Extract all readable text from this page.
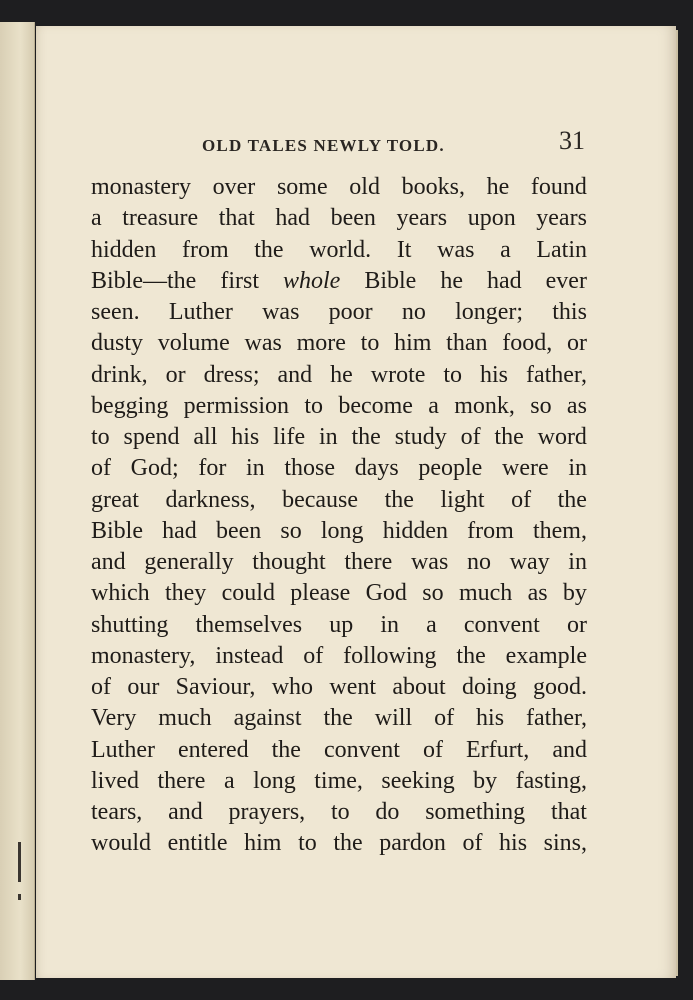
OLD TALES NEWLY TOLD.	31
monastery over some old books, he found
a treasure that had been years upon years
hidden from the world. It was a Latin
Bible—the first whole Bible he had ever
seen. Luther was poor no longer; this
dusty volume was more to him than food, or
drink, or dress; and he wrote to his father,
begging permission to become a monk, so as
to spend all his life in the study of the word
of God; for in those days people were in
great darkness, because the light of the
Bible had been so long hidden from them,
and generally thought there was no way in
which they could please God so much as by
shutting themselves up in a convent or
monastery, instead of following the example
of our Saviour, who went about doing good.
Very much against the will of his father,
Luther entered the convent of Erfurt, and
lived there a long time, seeking by fasting,
tears, and prayers, to do something that
would entitle him to the pardon of his sins,
